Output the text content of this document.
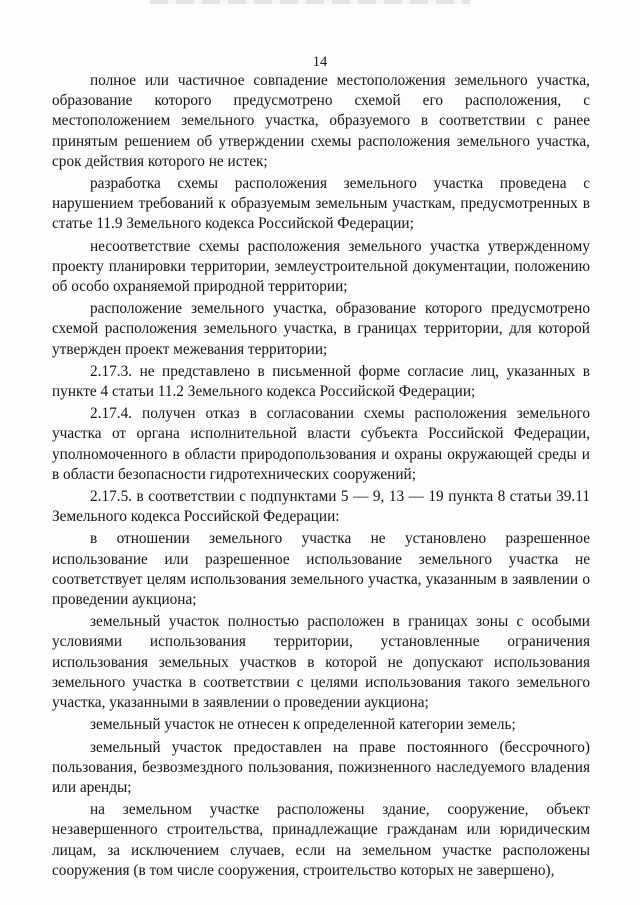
14

полное или частичное совпадение местоположения земельного участка, образование которого предусмотрено схемой его расположения, с местоположением земельного участка, образуемого в соответствии с ранее принятым решением об утверждении схемы расположения земельного участка, срок действия которого не истек;

разработка схемы расположения земельного участка проведена с нарушением требований к образуемым земельным участкам, предусмотренных в статье 11.9 Земельного кодекса Российской Федерации;

несоответствие схемы расположения земельного участка утвержденному проекту планировки территории, землеустроительной документации, положению об особо охраняемой природной территории;

расположение земельного участка, образование которого предусмотрено схемой расположения земельного участка, в границах территории, для которой утвержден проект межевания территории;

2.17.3. не представлено в письменной форме согласие лиц, указанных в пункте 4 статьи 11.2 Земельного кодекса Российской Федерации;

2.17.4. получен отказ в согласовании схемы расположения земельного участка от органа исполнительной власти субъекта Российской Федерации, уполномоченного в области природопользования и охраны окружающей среды и в области безопасности гидротехнических сооружений;

2.17.5. в соответствии с подпунктами 5 — 9, 13 — 19 пункта 8 статьи 39.11 Земельного кодекса Российской Федерации:

в отношении земельного участка не установлено разрешенное использование или разрешенное использование земельного участка не соответствует целям использования земельного участка, указанным в заявлении о проведении аукциона;

земельный участок полностью расположен в границах зоны с особыми условиями использования территории, установленные ограничения использования земельных участков в которой не допускают использования земельного участка в соответствии с целями использования такого земельного участка, указанными в заявлении о проведении аукциона;

земельный участок не отнесен к определенной категории земель;

земельный участок предоставлен на праве постоянного (бессрочного) пользования, безвозмездного пользования, пожизненного наследуемого владения или аренды;

на земельном участке расположены здание, сооружение, объект незавершенного строительства, принадлежащие гражданам или юридическим лицам, за исключением случаев, если на земельном участке расположены сооружения (в том числе сооружения, строительство которых не завершено),
